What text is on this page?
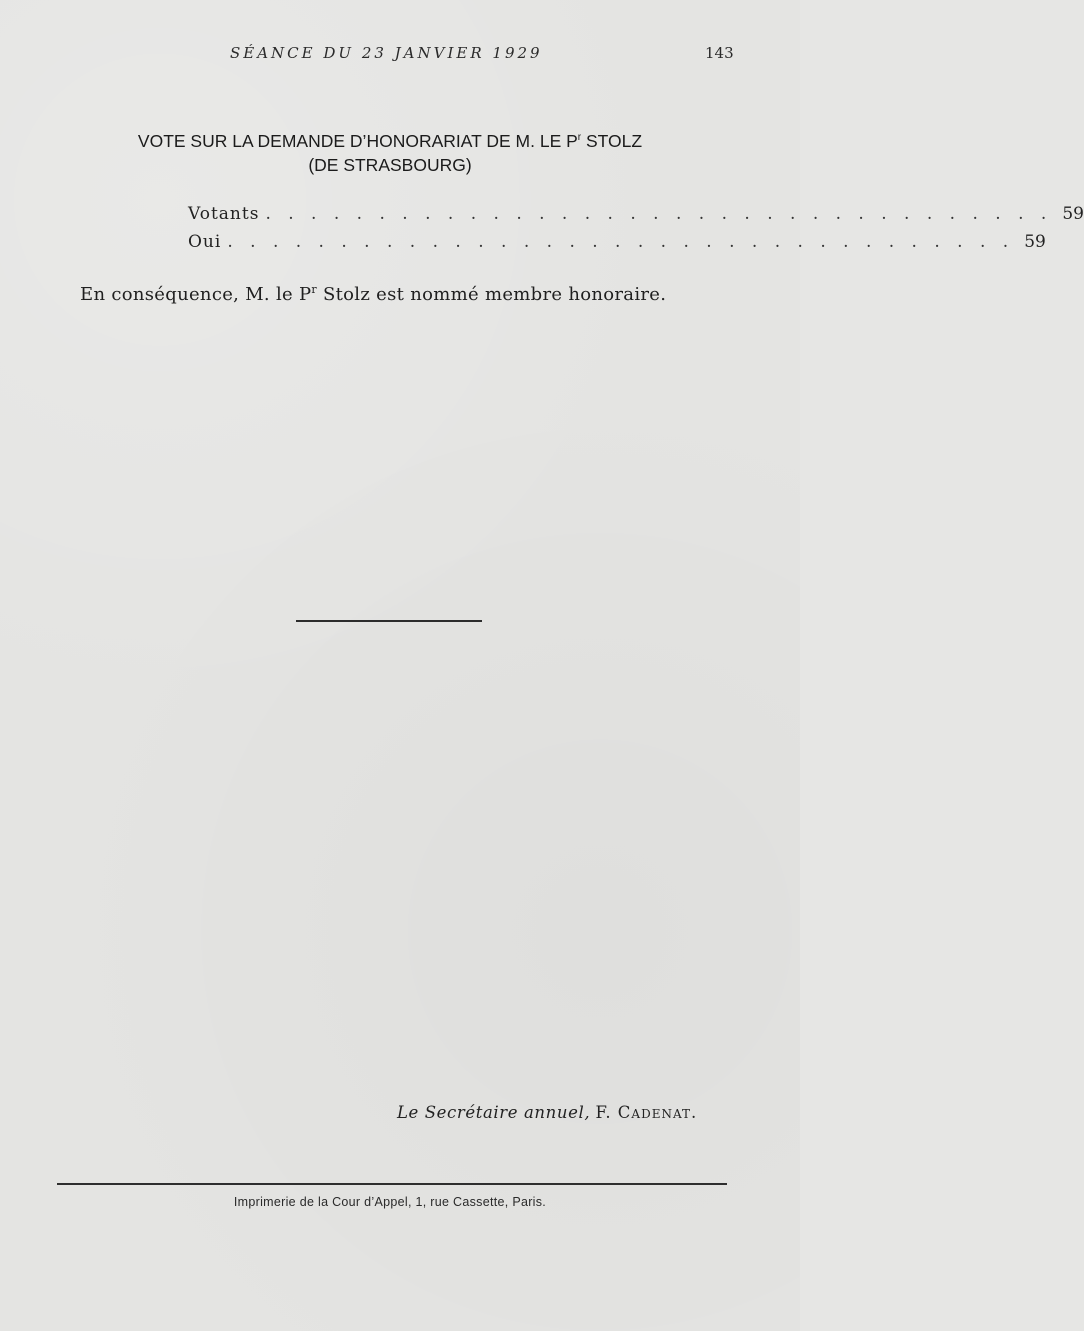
SÉANCE DU 23 JANVIER 1929	143
VOTE SUR LA DEMANDE D’HONORARIAT DE M. LE $P^r$ STOLZ
(DE STRASBOURG)
Votants . . . . . . . . . . . . . . . . . . . . . . . . . . . . . . . . . . . 59
Oui . . . . . . . . . . . . . . . . . . . . . . . . . . . . . . . . . . . 59
En conséquence, M. le $P^r$ Stolz est nommé membre honoraire.
Le Secrétaire annuel, F. Cadenat.
Imprimerie de la Cour d’Appel, 1, rue Cassette, Paris.
